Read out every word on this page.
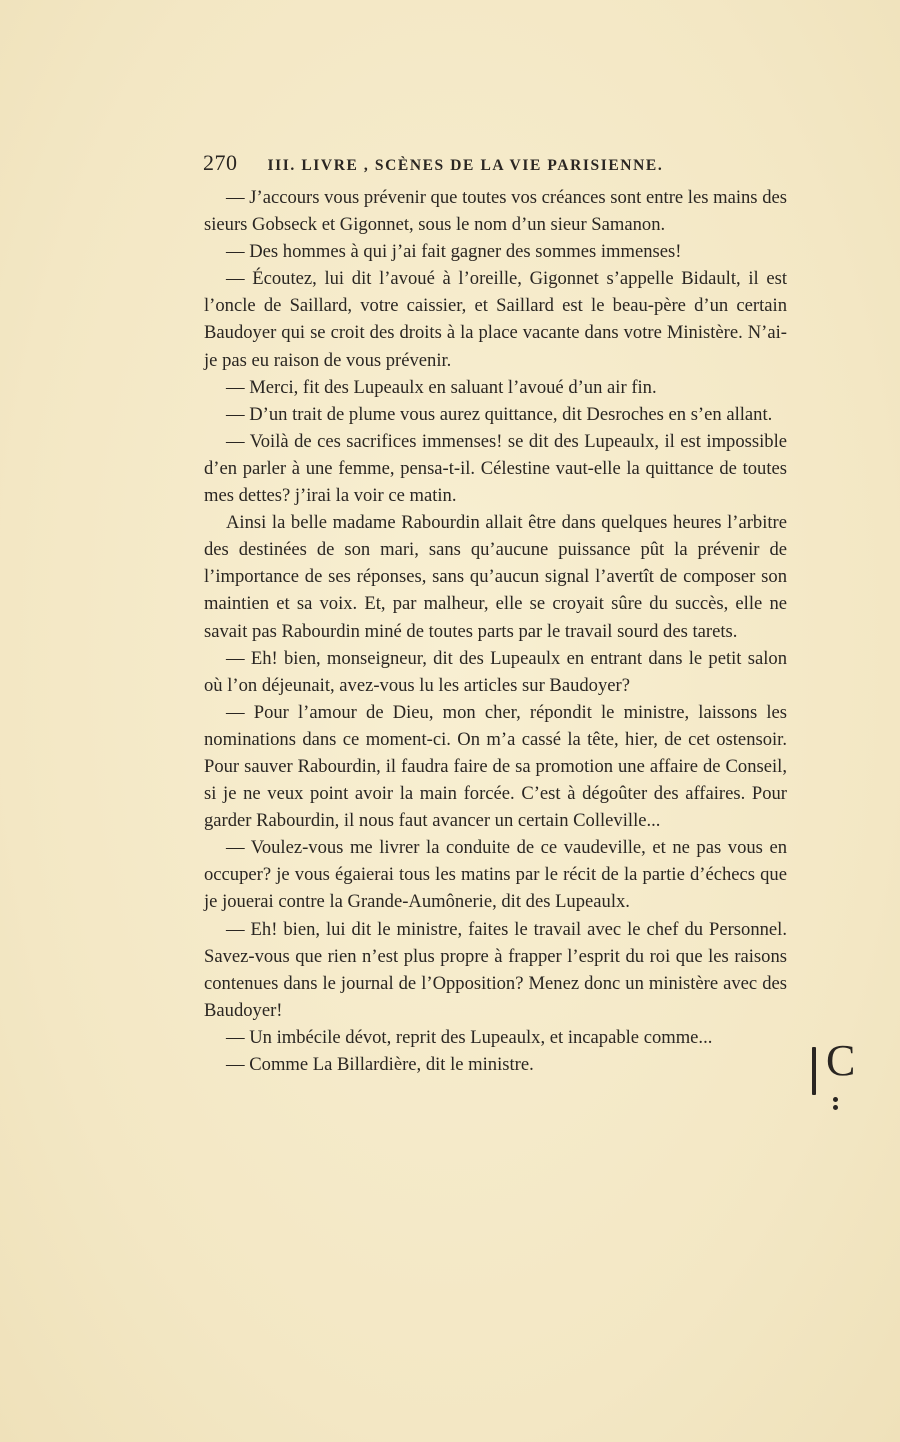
270 III. LIVRE , SCÈNES DE LA VIE PARISIENNE.

— J’accours vous prévenir que toutes vos créances sont entre les mains des sieurs Gobseck et Gigonnet, sous le nom d’un sieur Samanon.

— Des hommes à qui j’ai fait gagner des sommes immenses!

— Écoutez, lui dit l’avoué à l’oreille, Gigonnet s’appelle Bidault, il est l’oncle de Saillard, votre caissier, et Saillard est le beau-père d’un certain Baudoyer qui se croit des droits à la place vacante dans votre Ministère. N’ai-je pas eu raison de vous prévenir.

— Merci, fit des Lupeaulx en saluant l’avoué d’un air fin.

— D’un trait de plume vous aurez quittance, dit Desroches en s’en allant.

— Voilà de ces sacrifices immenses! se dit des Lupeaulx, il est impossible d’en parler à une femme, pensa-t-il. Célestine vaut-elle la quittance de toutes mes dettes? j’irai la voir ce matin.

Ainsi la belle madame Rabourdin allait être dans quelques heures l’arbitre des destinées de son mari, sans qu’aucune puissance pût la prévenir de l’importance de ses réponses, sans qu’aucun signal l’avertît de composer son maintien et sa voix. Et, par malheur, elle se croyait sûre du succès, elle ne savait pas Rabourdin miné de toutes parts par le travail sourd des tarets.

— Eh! bien, monseigneur, dit des Lupeaulx en entrant dans le petit salon où l’on déjeunait, avez-vous lu les articles sur Baudoyer?

— Pour l’amour de Dieu, mon cher, répondit le ministre, laissons les nominations dans ce moment-ci. On m’a cassé la tête, hier, de cet ostensoir. Pour sauver Rabourdin, il faudra faire de sa promotion une affaire de Conseil, si je ne veux point avoir la main forcée. C’est à dégoûter des affaires. Pour garder Rabourdin, il nous faut avancer un certain Colleville...

— Voulez-vous me livrer la conduite de ce vaudeville, et ne pas vous en occuper? je vous égaierai tous les matins par le récit de la partie d’échecs que je jouerai contre la Grande-Aumônerie, dit des Lupeaulx.

— Eh! bien, lui dit le ministre, faites le travail avec le chef du Personnel. Savez-vous que rien n’est plus propre à frapper l’esprit du roi que les raisons contenues dans le journal de l’Opposition? Menez donc un ministère avec des Baudoyer!

— Un imbécile dévot, reprit des Lupeaulx, et incapable comme...

— Comme La Billardière, dit le ministre.	C
